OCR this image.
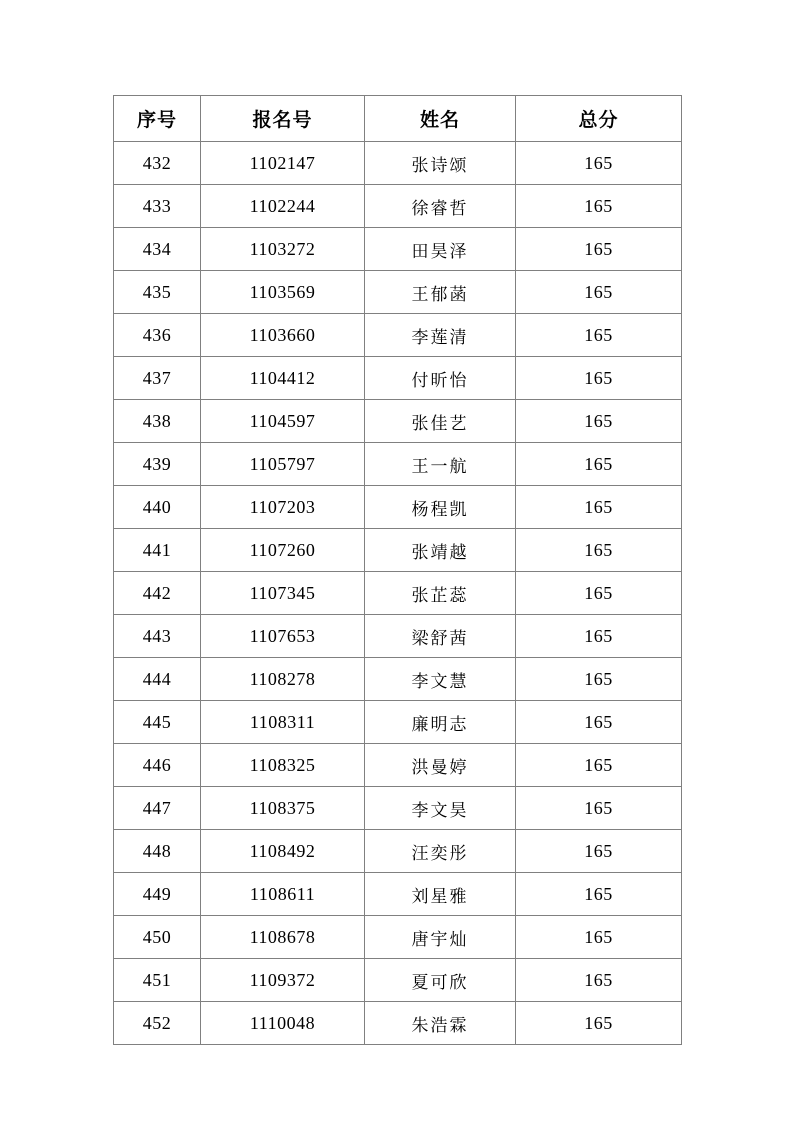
序号	报名号	姓名	总分
432	1102147	张诗颂	165
433	1102244	徐睿哲	165
434	1103272	田昊泽	165
435	1103569	王郁菡	165
436	1103660	李莲清	165
437	1104412	付昕怡	165
438	1104597	张佳艺	165
439	1105797	王一航	165
440	1107203	杨程凯	165
441	1107260	张靖越	165
442	1107345	张芷蕊	165
443	1107653	梁舒茜	165
444	1108278	李文慧	165
445	1108311	廉明志	165
446	1108325	洪曼婷	165
447	1108375	李文昊	165
448	1108492	汪奕彤	165
449	1108611	刘星雅	165
450	1108678	唐宇灿	165
451	1109372	夏可欣	165
452	1110048	朱浩霖	165
